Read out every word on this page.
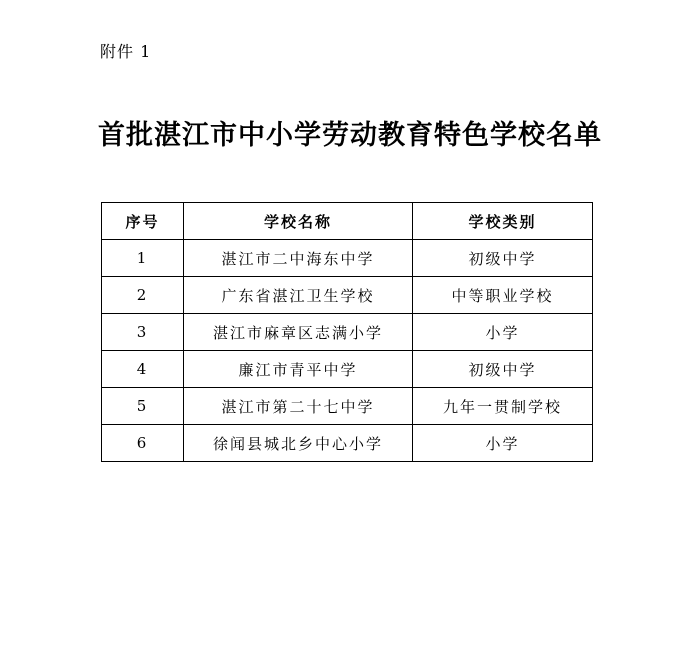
附件 1
首批湛江市中小学劳动教育特色学校名单
序号	学校名称	学校类别
1	湛江市二中海东中学	初级中学
2	广东省湛江卫生学校	中等职业学校
3	湛江市麻章区志满小学	小学
4	廉江市青平中学	初级中学
5	湛江市第二十七中学	九年一贯制学校
6	徐闻县城北乡中心小学	小学
